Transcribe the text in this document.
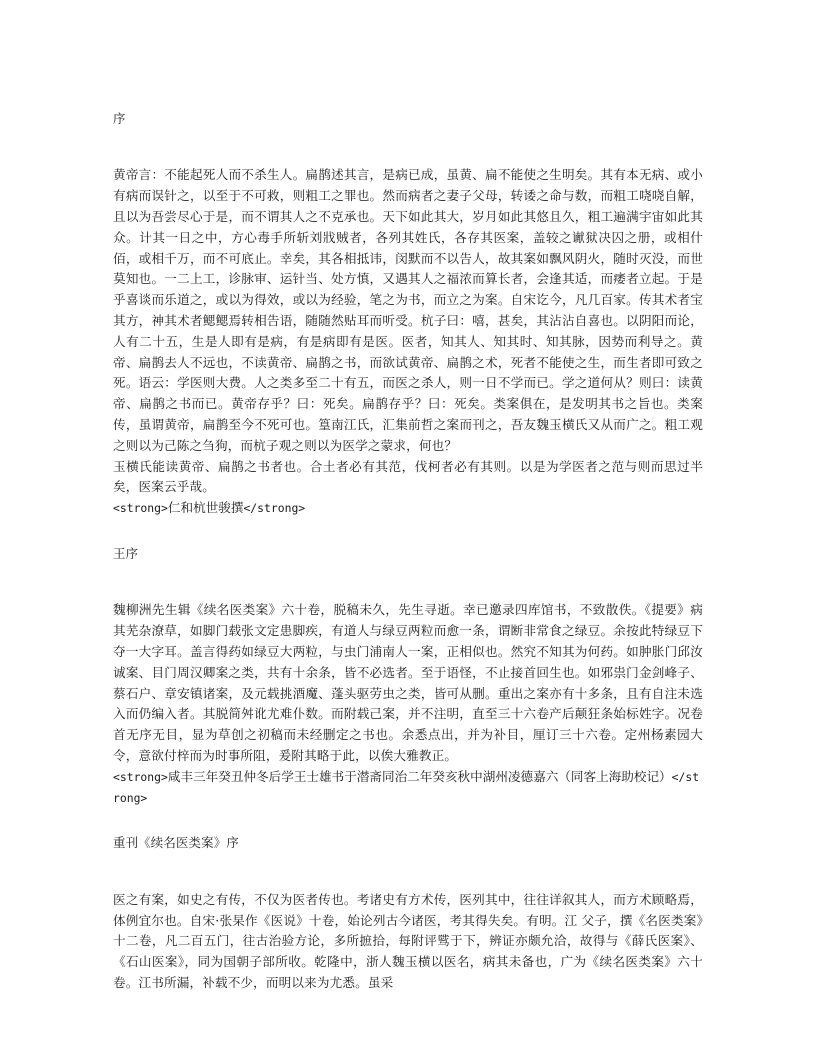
序

黄帝言：不能起死人而不杀生人。扁鹊述其言，是病已成，虽黄、扁不能使之生明矣。其有本无病、或小有病而误针之，以至于不可救，则粗工之罪也。然而病者之妻子父母，转诿之命与数，而粗工哓哓自解，且以为吾尝尽心于是，而不谓其人之不克承也。天下如此其大，岁月如此其悠且久，粗工遍满宇宙如此其众。计其一日之中，方心毒手所斩刘戕贼者，各列其姓氏，各存其医案，盖较之谳狱决囚之册，或相什佰，或相千万，而不可底止。幸矣，其各相抵讳，闵默而不以告人，故其案如飘风阴火，随时灭没，而世莫知也。一二上工，诊脉审、运针当、处方慎，又遇其人之福浓而算长者，会逢其适，而痿者立起。于是乎喜谈而乐道之，或以为得效，或以为经验，笔之为书，而立之为案。自宋讫今，凡几百家。传其术者宝其方，神其术者鳃鳃焉转相告语，随随然贴耳而听受。杭子曰：嘻，甚矣，其沾沾自喜也。以阴阳而论，人有二十五，生是人即有是病，有是病即有是医。医者，知其人、知其时、知其脉，因势而利导之。黄帝、扁鹊去人不远也，不读黄帝、扁鹊之书，而欲试黄帝、扁鹊之术，死者不能使之生，而生者即可致之死。语云：学医则大费。人之类多至二十有五，而医之杀人，则一日不学而已。学之道何从？则曰：读黄帝、扁鹊之书而已。黄帝存乎？曰：死矣。扁鹊存乎？曰：死矣。类案俱在，是发明其书之旨也。类案传，虽谓黄帝，扁鹊至今不死可也。篁南江氏，汇集前哲之案而刊之，吾友魏玉横氏又从而广之。粗工观之则以为己陈之刍狗，而杭子观之则以为医学之蒙求，何也？

玉横氏能读黄帝、扁鹊之书者也。合土者必有其范，伐柯者必有其则。以是为学医者之范与则而思过半矣，医案云乎哉。

<strong>仁和杭世骏撰</strong>
王序

魏柳洲先生辑《续名医类案》六十卷，脱稿未久，先生寻逝。幸已邀录四库馆书，不致散佚。《提要》病其芜杂潦草，如脚门载张文定患脚疾，有道人与绿豆两粒而愈一条，谓断非常食之绿豆。余按此特绿豆下夺一大字耳。盖言得药如绿豆大两粒，与虫门浦南人一案，正相似也。然究不知其为何药。如肿胀门邱汝诚案、目门周汉卿案之类，共有十余条，皆不必选者。至于语怪，不止接首回生也。如邪祟门金剑峰子、蔡石户、章安镇诸案，及元载挑酒魔、蓬头驱劳虫之类，皆可从删。重出之案亦有十多条，且有自注未选入而仍编入者。其脱简舛讹尤难仆数。而附载己案，并不注明，直至三十六卷产后颠狂条始标姓字。况卷首无序无目，显为草创之初稿而未经删定之书也。余悉点出，并为补目，厘订三十六卷。定州杨素园大令，意欲付梓而为时事所阻，爰附其略于此，以俟大雅教正。

<strong>咸丰三年癸丑仲冬后学王士雄书于潜斋同治二年癸亥秋中湖州凌德嘉六（同客上海助校记）</strong>
重刊《续名医类案》序

医之有案，如史之有传，不仅为医者传也。考诸史有方术传，医列其中，往往详叙其人，而方术顾略焉，体例宜尔也。自宋·张杲作《医说》十卷，始论列古今诸医，考其得失矣。有明。江 父子，撰《名医类案》十二卷，凡二百五门，往古治验方论，多所摭拾，每附评骘于下，辨证亦颇允洽，故得与《薛氏医案》、《石山医案》，同为国朝子部所收。乾隆中，浙人魏玉横以医名，病其未备也，广为《续名医类案》六十卷。江书所漏，补载不少，而明以来为尤悉。虽采
